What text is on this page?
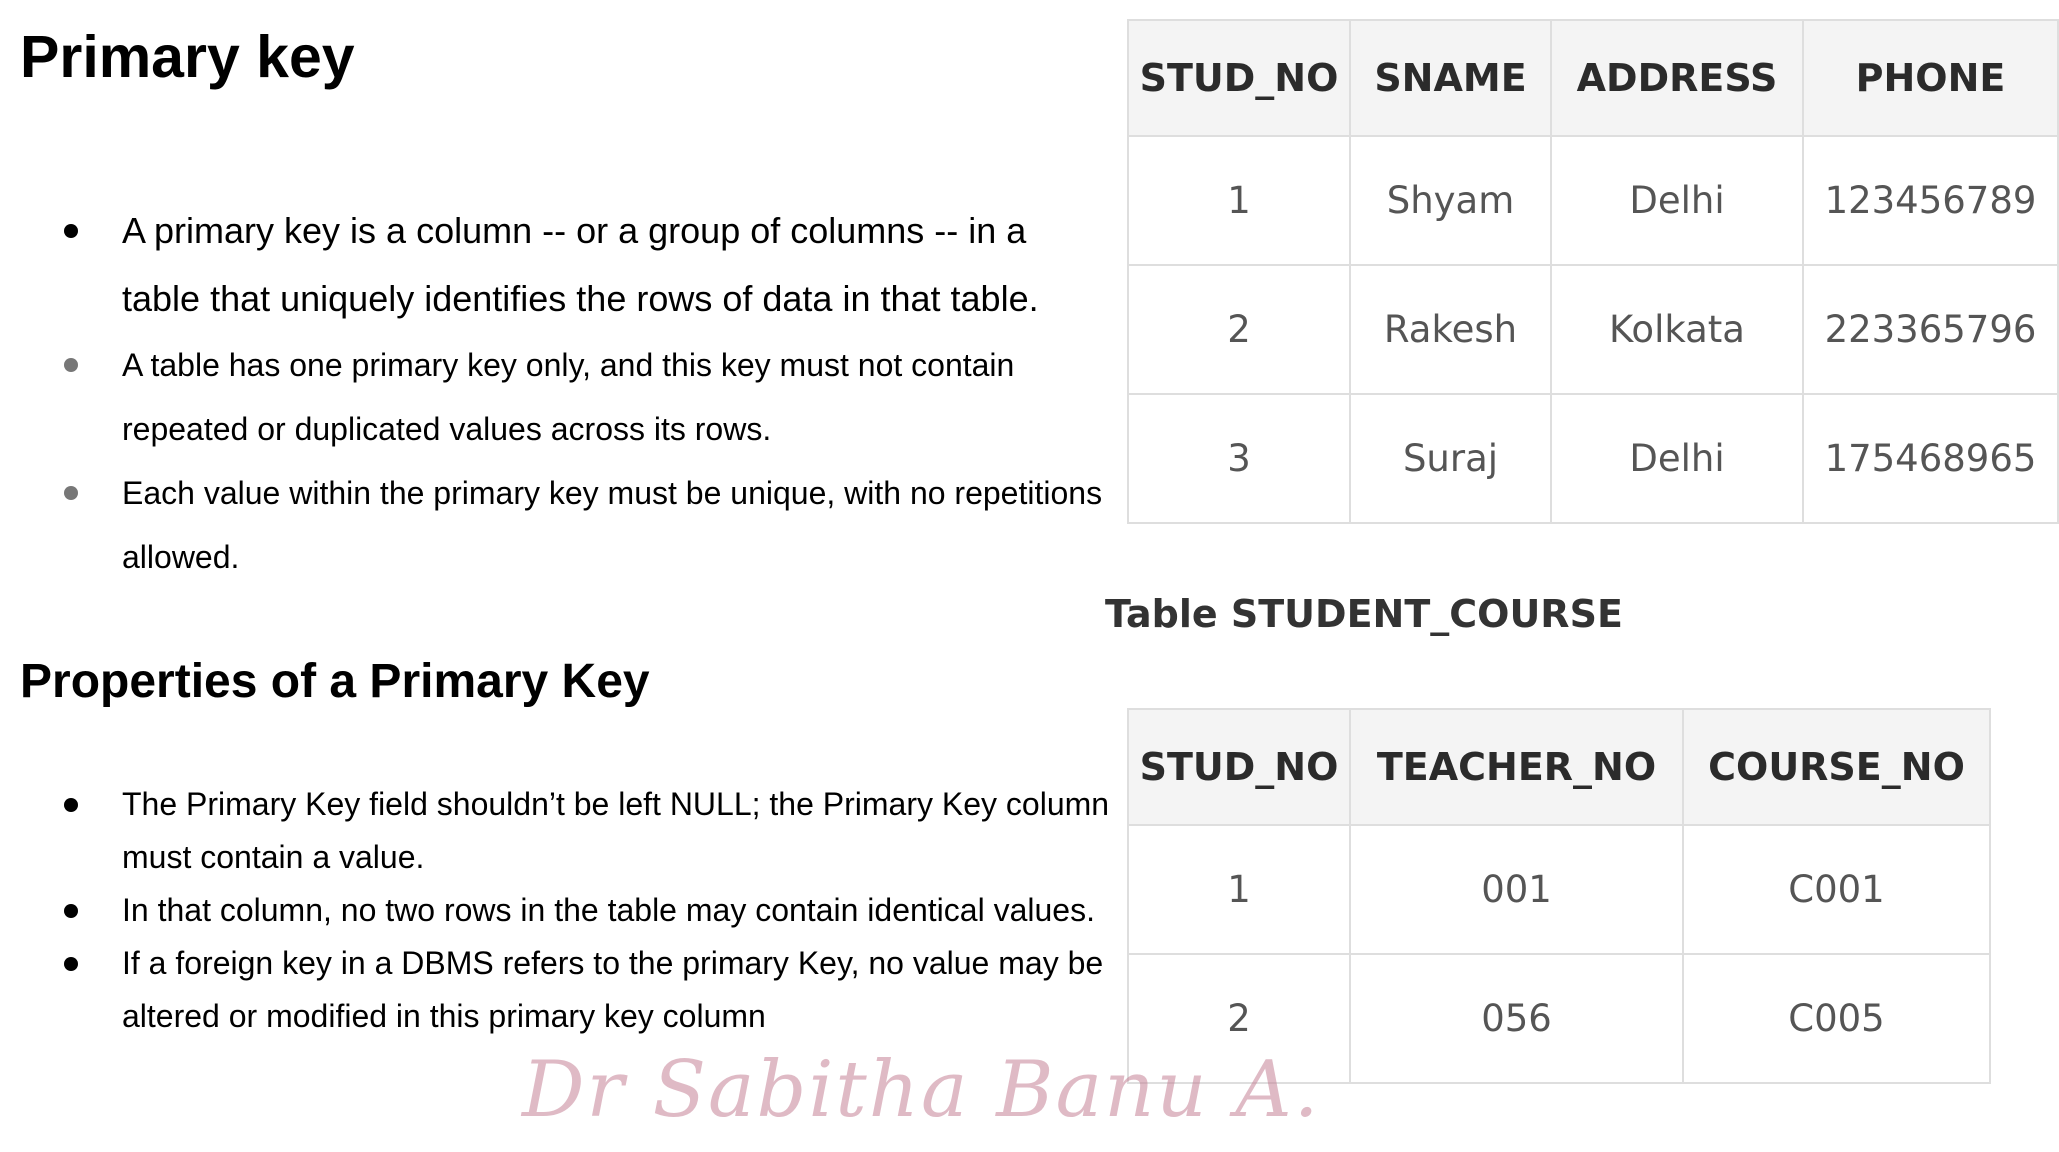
Primary key
A primary key is a column -- or a group of columns -- in a table that uniquely identifies the rows of data in that table.
A table has one primary key only, and this key must not contain repeated or duplicated values across its rows.
Each value within the primary key must be unique, with no repetitions allowed.
Properties of a Primary Key
The Primary Key field shouldn’t be left NULL; the Primary Key column must contain a value.
In that column, no two rows in the table may contain identical values.
If a foreign key in a DBMS refers to the primary Key, no value may be altered or modified in this primary key column
STUD_NO	SNAME	ADDRESS	PHONE
1	Shyam	Delhi	123456789
2	Rakesh	Kolkata	223365796
3	Suraj	Delhi	175468965
Table STUDENT_COURSE
STUD_NO	TEACHER_NO	COURSE_NO
1	001	C001
2	056	C005
Dr Sabitha Banu A.
